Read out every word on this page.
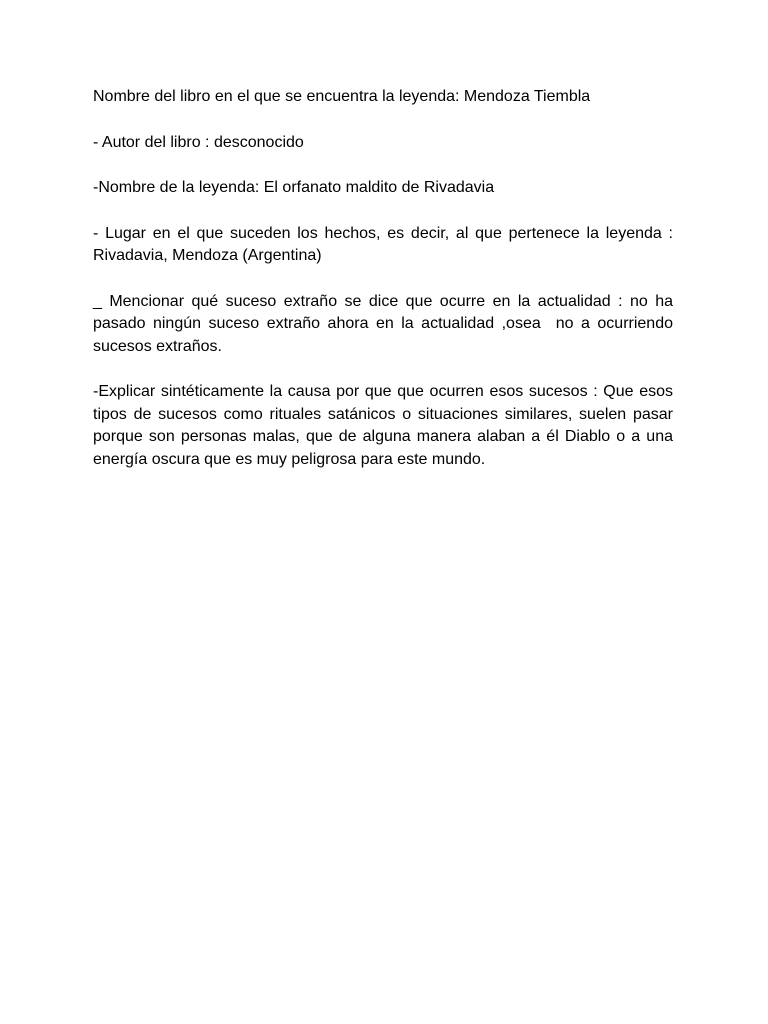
Nombre del libro en el que se encuentra la leyenda: Mendoza Tiembla

- Autor del libro : desconocido

-Nombre de la leyenda: El orfanato maldito de Rivadavia

- Lugar en el que suceden los hechos, es decir, al que pertenece la leyenda : Rivadavia, Mendoza (Argentina)

_ Mencionar qué suceso extraño se dice que ocurre en la actualidad : no ha pasado ningún suceso extraño ahora en la actualidad ,osea  no a ocurriendo sucesos extraños.

-Explicar sintéticamente la causa por que que ocurren esos sucesos : Que esos tipos de sucesos como rituales satánicos o situaciones similares, suelen pasar porque son personas malas, que de alguna manera alaban a él Diablo o a una energía oscura que es muy peligrosa para este mundo.
